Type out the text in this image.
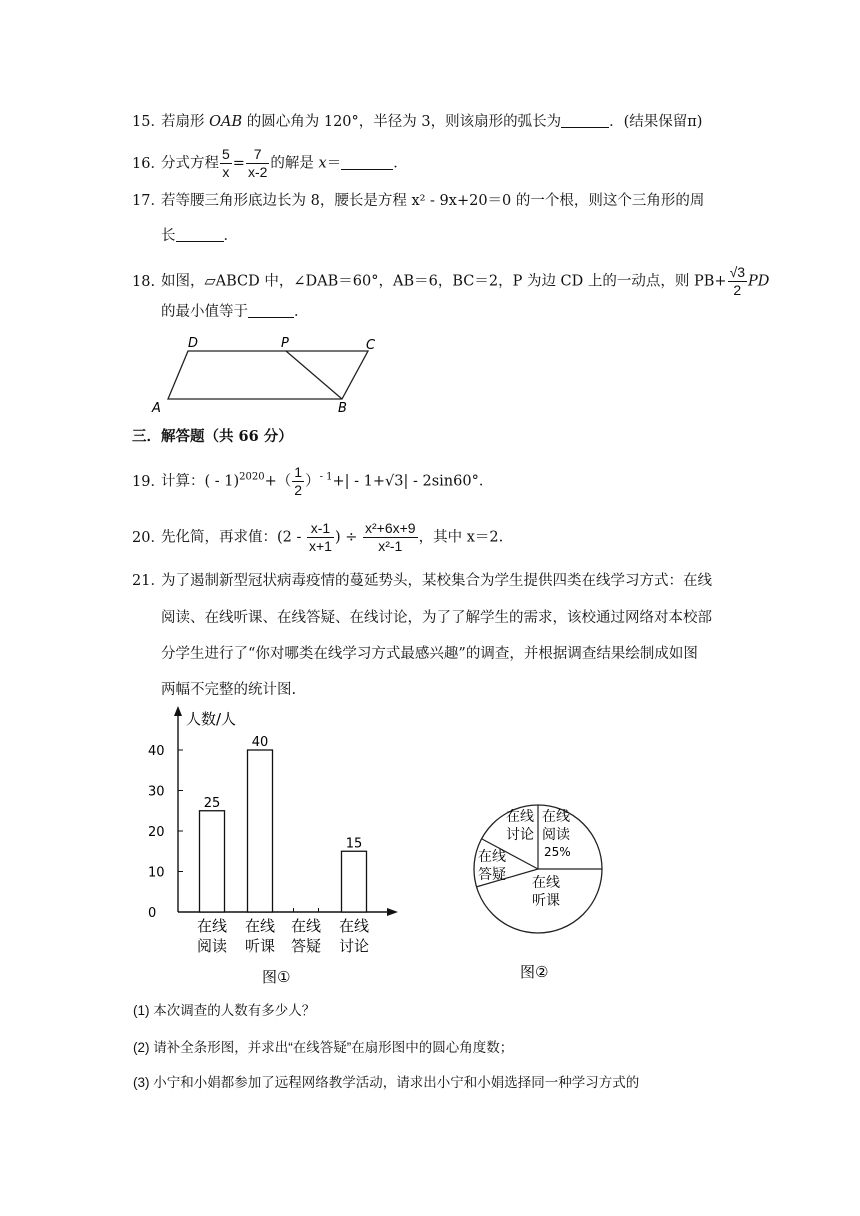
15．若扇形 OAB 的圆心角为 120°，半径为 3，则该扇形的弧长为	．(结果保留π)
16．分式方程 $\frac{5}{x} = \frac{7}{x-2}$ 的解是 x＝	．
17．若等腰三角形底边长为 8，腰长是方程 x² - 9x+20＝0 的一个根，则这个三角形的周
长	．
18. 如图，▱ABCD 中，∠DAB＝60°，AB＝6，BC＝2，P 为边 CD 上的一动点，则 $PB+ \frac{√3}{2}$ PD
的最小值等于	．
D	P	C
A	B
三．解答题（共 66 分）
19．计算：( - $1)^{2020}+( \frac{1}{2} )^{- 1}+| - 1+√3| - 2\sin 60^\circ$．
20．先化简，再求值：($2 - \frac{x-1}{x+1}$ ) ÷ $\frac{\text{x²+6x+9}}{\text{x²-1}}$ ，其中 x＝2.
21．为了遏制新型冠状病毒疫情的蔓延势头，某校集合为学生提供四类在线学习方式：在线
阅读、在线听课、在线答疑、在线讨论，为了了解学生的需求，该校通过网络对本校部
分学生进行了“你对哪类在线学习方式最感兴趣”的调查，并根据调查结果绘制成如图
两幅不完整的统计图.
人数/人
0
10
20
30
40
25
40
15
在线
阅读
在线
听课
在线
答疑
在线
讨论
图①
在线
阅读
25%
在线
讨论
在线
答疑 在线
听课
图②
(1) 本次调查的人数有多少人？
(2) 请补全条形图，并求出“在线答疑”在扇形图中的圆心角度数；
(3) 小宁和小娟都参加了远程网络教学活动，请求出小宁和小娟选择同一种学习方式的
